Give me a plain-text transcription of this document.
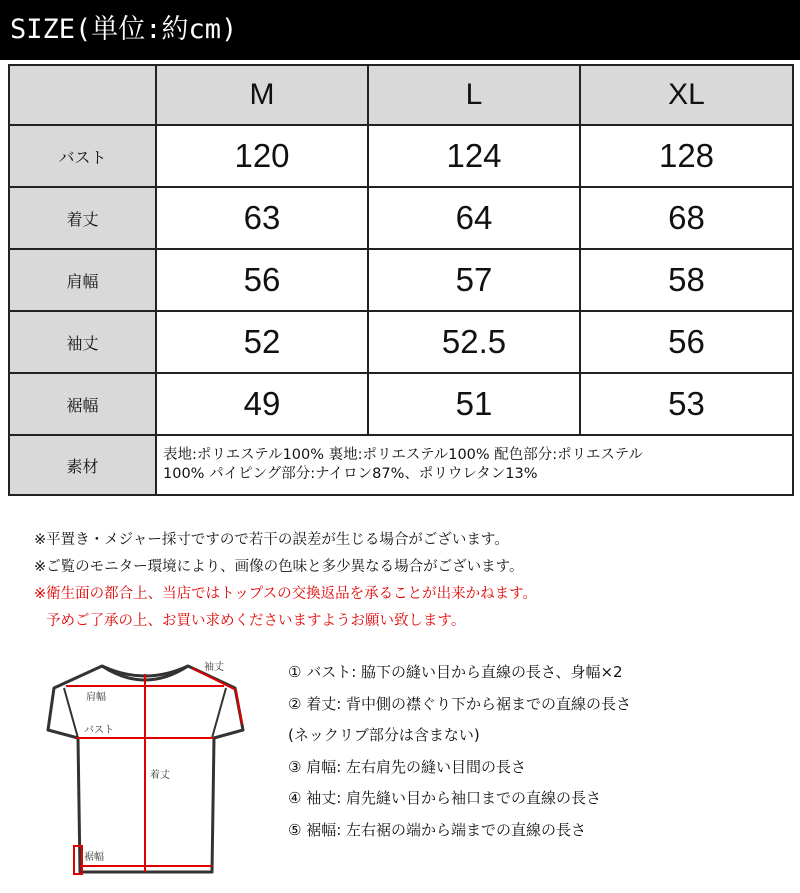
SIZE(単位:約cm)
	M	L	XL
バスト	120	124	128
着丈	63	64	68
肩幅	56	57	58
袖丈	52	52.5	56
裾幅	49	51	53
素材	表地:ポリエステル100% 裏地:ポリエステル100% 配色部分:ポリエステル
100% パイピング部分:ナイロン87%、ポリウレタン13%		
※平置き・メジャー採寸ですので若干の誤差が生じる場合がございます。
※ご覧のモニター環境により、画像の色味と多少異なる場合がございます。
※衛生面の都合上、当店ではトップスの交換返品を承ることが出来かねます。
予めご了承の上、お買い求めくださいますようお願い致します。
袖丈
肩幅
バスト
着丈
裾幅
① バスト: 脇下の縫い目から直線の長さ、身幅×2
② 着丈: 背中側の襟ぐり下から裾までの直線の長さ
(ネックリブ部分は含まない)
③ 肩幅: 左右肩先の縫い目間の長さ
④ 袖丈: 肩先縫い目から袖口までの直線の長さ
⑤ 裾幅: 左右裾の端から端までの直線の長さ
